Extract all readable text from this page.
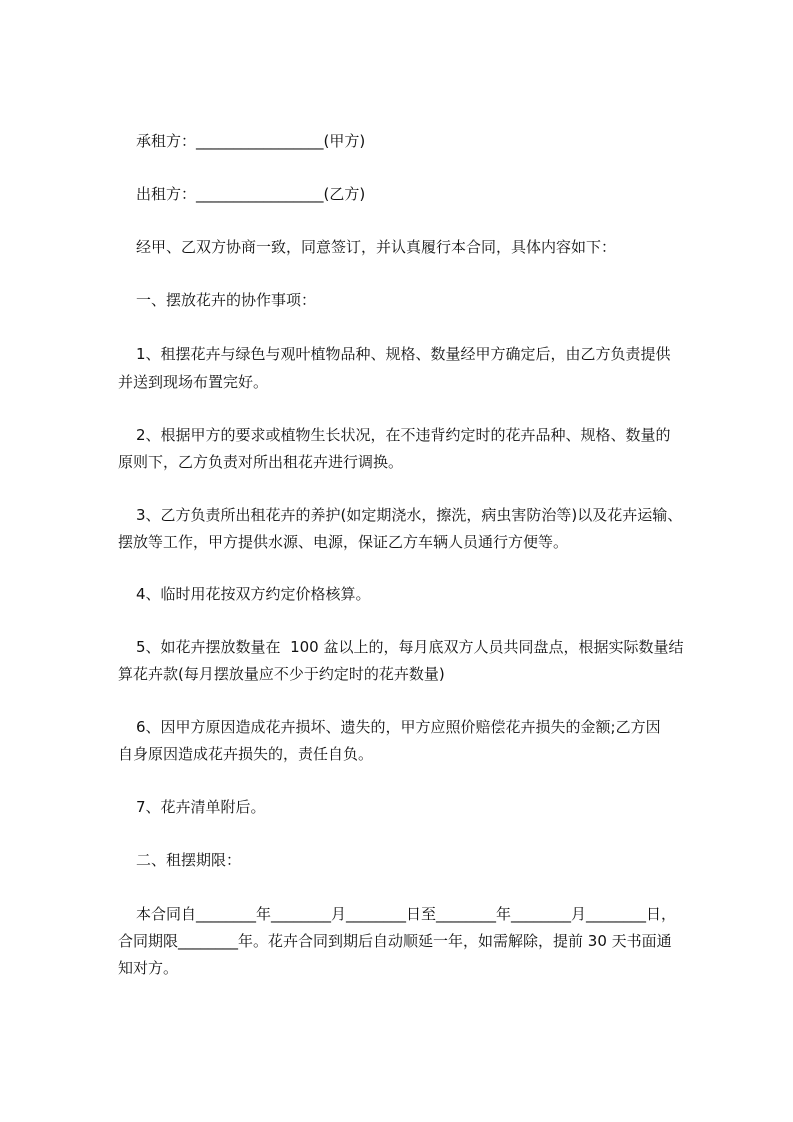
承租方：_________________(甲方)
出租方：_________________(乙方)
经甲、乙双方协商一致，同意签订，并认真履行本合同，具体内容如下：
一、摆放花卉的协作事项：
1、租摆花卉与绿色与观叶植物品种、规格、数量经甲方确定后，由乙方负责提供
并送到现场布置完好。
2、根据甲方的要求或植物生长状况，在不违背约定时的花卉品种、规格、数量的
原则下，乙方负责对所出租花卉进行调换。
3、乙方负责所出租花卉的养护(如定期浇水，擦洗，病虫害防治等)以及花卉运输、
摆放等工作，甲方提供水源、电源，保证乙方车辆人员通行方便等。
4、临时用花按双方约定价格核算。
5、如花卉摆放数量在  100 盆以上的，每月底双方人员共同盘点，根据实际数量结
算花卉款(每月摆放量应不少于约定时的花卉数量)
6、因甲方原因造成花卉损坏、遗失的，甲方应照价赔偿花卉损失的金额;乙方因
自身原因造成花卉损失的，责任自负。
7、花卉清单附后。
二、租摆期限：
本合同自________年________月________日至________年________月________日，
合同期限________年。花卉合同到期后自动顺延一年，如需解除，提前 30 天书面通
知对方。
